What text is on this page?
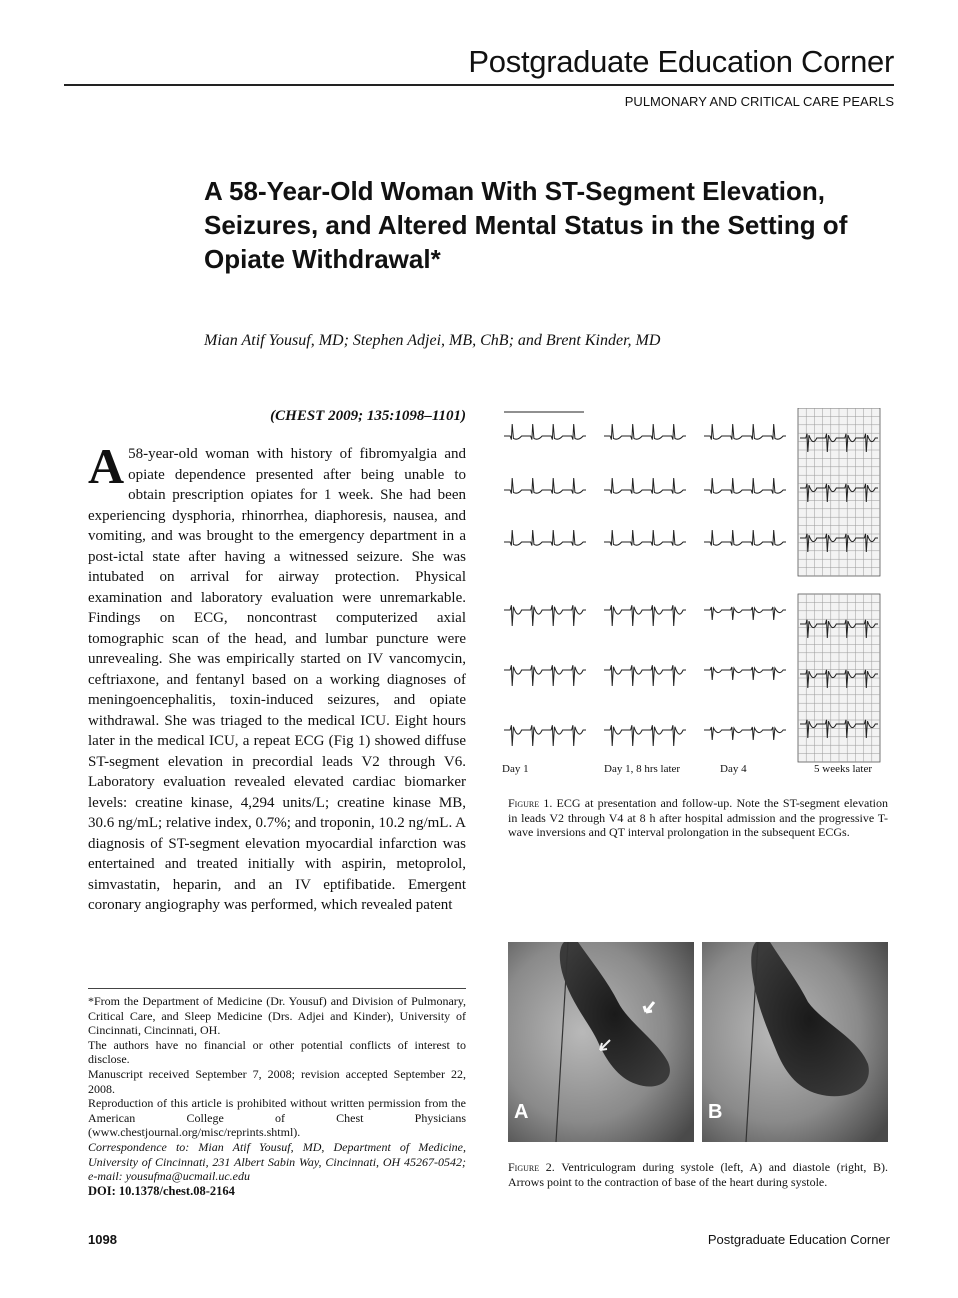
Postgraduate Education Corner
PULMONARY AND CRITICAL CARE PEARLS
A 58-Year-Old Woman With ST-Segment Elevation, Seizures, and Altered Mental Status in the Setting of Opiate Withdrawal*
Mian Atif Yousuf, MD; Stephen Adjei, MB, ChB; and Brent Kinder, MD
(CHEST 2009; 135:1098–1101)
A 58-year-old woman with history of fibromyalgia and opiate dependence presented after being unable to obtain prescription opiates for 1 week. She had been experiencing dysphoria, rhinorrhea, diaphoresis, nausea, and vomiting, and was brought to the emergency department in a post-ictal state after having a witnessed seizure. She was intubated on arrival for airway protection. Physical examination and laboratory evaluation were unremarkable. Findings on ECG, noncontrast computerized axial tomographic scan of the head, and lumbar puncture were unrevealing. She was empirically started on IV vancomycin, ceftriaxone, and fentanyl based on a working diagnoses of meningoencephalitis, toxin-induced seizures, and opiate withdrawal. She was triaged to the medical ICU. Eight hours later in the medical ICU, a repeat ECG (Fig 1) showed diffuse ST-segment elevation in precordial leads V2 through V6. Laboratory evaluation revealed elevated cardiac biomarker levels: creatine kinase, 4,294 units/L; creatine kinase MB, 30.6 ng/mL; relative index, 0.7%; and troponin, 10.2 ng/mL. A diagnosis of ST-segment elevation myocardial infarction was entertained and treated initially with aspirin, metoprolol, simvastatin, heparin, and an IV eptifibatide. Emergent coronary angiography was performed, which revealed patent

*From the Department of Medicine (Dr. Yousuf) and Division of Pulmonary, Critical Care, and Sleep Medicine (Drs. Adjei and Kinder), University of Cincinnati, Cincinnati, OH.

The authors have no financial or other potential conflicts of interest to disclose.

Manuscript received September 7, 2008; revision accepted September 22, 2008.

Reproduction of this article is prohibited without written permission from the American College of Chest Physicians (www.chestjournal.org/misc/reprints.shtml).

Correspondence to: Mian Atif Yousuf, MD, Department of Medicine, University of Cincinnati, 231 Albert Sabin Way, Cincinnati, OH 45267-0542; e-mail: yousufma@ucmail.uc.edu

DOI: 10.1378/chest.08-2164

Day 1	Day 1, 8 hrs later	Day 4	5 weeks later
Figure 1. ECG at presentation and follow-up. Note the ST-segment elevation in leads V2 through V4 at 8 h after hospital admission and the progressive T-wave inversions and QT interval prolongation in the subsequent ECGs.
A	B
Figure 2. Ventriculogram during systole (left, A) and diastole (right, B). Arrows point to the contraction of base of the heart during systole.
1098	Postgraduate Education Corner
